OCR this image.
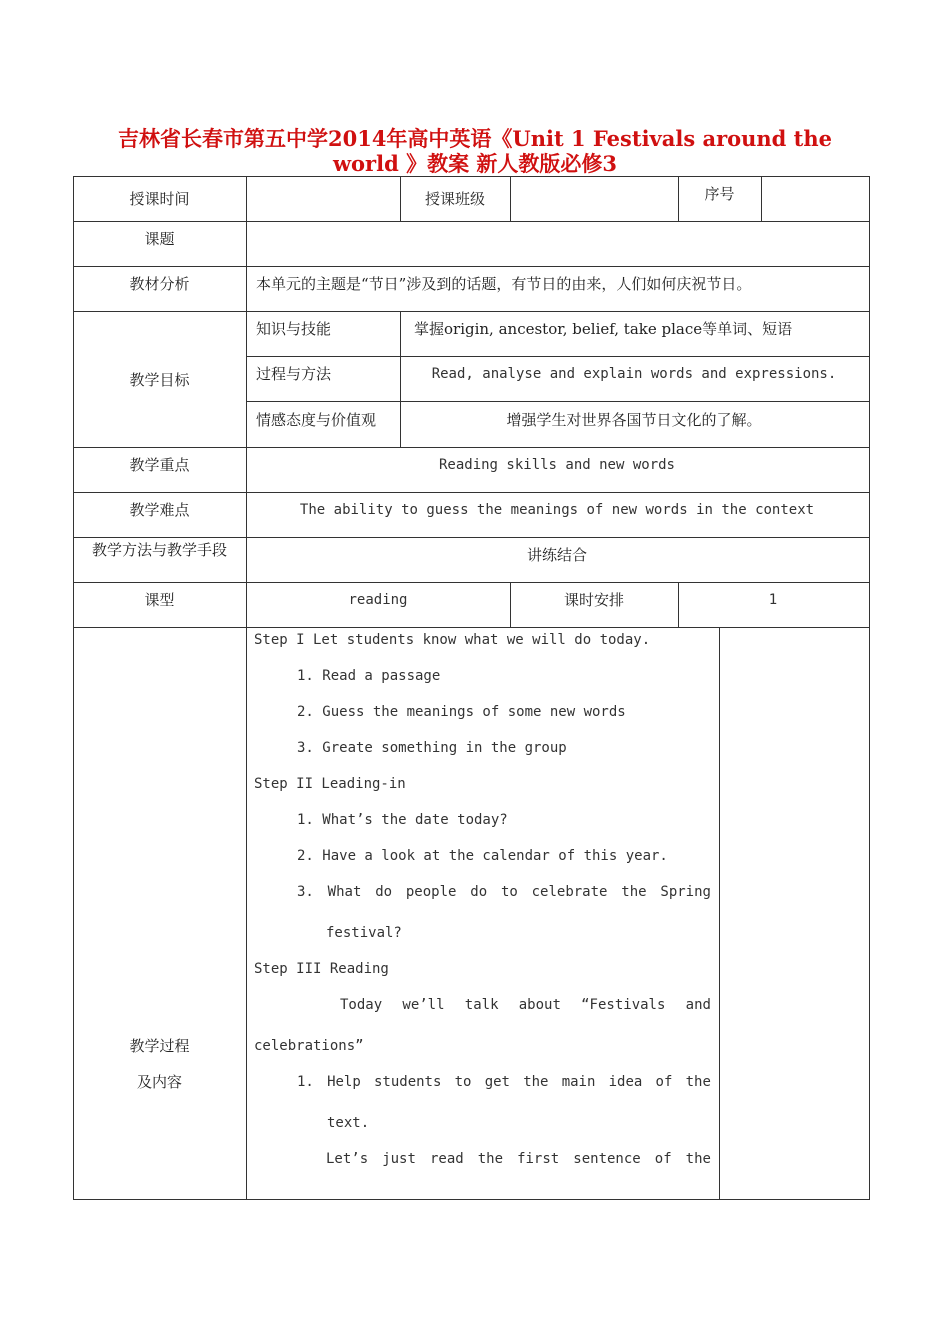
吉林省长春市第五中学2014年高中英语《Unit 1 Festivals around the
world 》教案 新人教版必修3
授课时间	授课班级	序号
课题
教材分析	本单元的主题是“节日”涉及到的话题，有节日的由来，人们如何庆祝节日。
教学目标
知识与技能	掌握origin, ancestor, belief, take place等单词、短语
过程与方法	Read, analyse and explain words and expressions.
情感态度与价值观	增强学生对世界各国节日文化的了解。
教学重点	Reading skills and new words
教学难点	The ability to guess the meanings of new words in the context
教学方法与教学手段	讲练结合
课型	reading	课时安排	1
教学过程
及内容
Step I Let students know what we will do today.
1. Read a passage
2. Guess the meanings of some new words
3. Greate something in the group
Step II Leading-in
1. What’s the date today?
2. Have a look at the calendar of this year.
3. What do people do to celebrate the Spring
festival?
Step III Reading
Today we’ll talk about “Festivals and
celebrations”
1. Help students to get the main idea of the
text.
Let’s just read the first sentence of the
